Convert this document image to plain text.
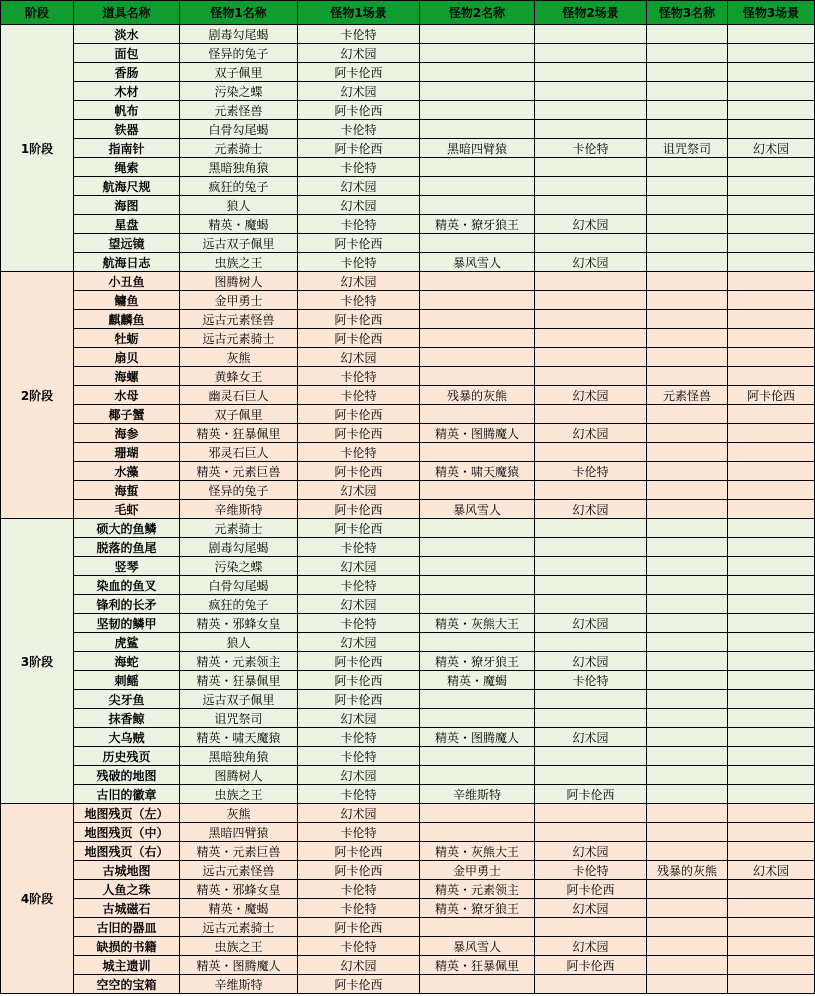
阶段	道具名称	怪物1名称	怪物1场景	怪物2名称	怪物2场景	怪物3名称	怪物3场景
1阶段	淡水	剧毒勾尾蝎	卡伦特				
	面包	怪异的兔子	幻术园				
	香肠	双子佩里	阿卡伦西				
	木材	污染之蝶	幻术园				
	帆布	元素怪兽	阿卡伦西				
	铁器	白骨勾尾蝎	卡伦特				
	指南针	元素骑士	阿卡伦西	黑暗四臂猿	卡伦特	诅咒祭司	幻术园
	绳索	黑暗独角猿	卡伦特				
	航海尺规	疯狂的兔子	幻术园				
	海图	狼人	幻术园				
	星盘	精英・魔蝎	卡伦特	精英・獠牙狼王	幻术园		
	望远镜	远古双子佩里	阿卡伦西				
	航海日志	虫族之王	卡伦特	暴风雪人	幻术园		
2阶段	小丑鱼	图腾树人	幻术园				
	鳙鱼	金甲勇士	卡伦特				
	麒麟鱼	远古元素怪兽	阿卡伦西				
	牡蛎	远古元素骑士	阿卡伦西				
	扇贝	灰熊	幻术园				
	海螺	黄蜂女王	卡伦特				
	水母	幽灵石巨人	卡伦特	残暴的灰熊	幻术园	元素怪兽	阿卡伦西
	椰子蟹	双子佩里	阿卡伦西				
	海参	精英・狂暴佩里	阿卡伦西	精英・图腾魔人	幻术园		
	珊瑚	邪灵石巨人	卡伦特				
	水藻	精英・元素巨兽	阿卡伦西	精英・啸天魔猿	卡伦特		
	海蜇	怪异的兔子	幻术园				
	毛虾	辛维斯特	阿卡伦西	暴风雪人	幻术园		
3阶段	硕大的鱼鳞	元素骑士	阿卡伦西				
	脱落的鱼尾	剧毒勾尾蝎	卡伦特				
	竖琴	污染之蝶	幻术园				
	染血的鱼叉	白骨勾尾蝎	卡伦特				
	锋利的长矛	疯狂的兔子	幻术园				
	坚韧的鳞甲	精英・邪蜂女皇	卡伦特	精英・灰熊大王	幻术园		
	虎鲨	狼人	幻术园				
	海蛇	精英・元素领主	阿卡伦西	精英・獠牙狼王	幻术园		
	刺鳐	精英・狂暴佩里	阿卡伦西	精英・魔蝎	卡伦特		
	尖牙鱼	远古双子佩里	阿卡伦西				
	抹香鲸	诅咒祭司	幻术园				
	大乌贼	精英・啸天魔猿	卡伦特	精英・图腾魔人	幻术园		
	历史残页	黑暗独角猿	卡伦特				
	残破的地图	图腾树人	幻术园				
	古旧的徽章	虫族之王	卡伦特	辛维斯特	阿卡伦西		
4阶段	地图残页（左）	灰熊	幻术园				
	地图残页（中）	黑暗四臂猿	卡伦特				
	地图残页（右）	精英・元素巨兽	阿卡伦西	精英・灰熊大王	幻术园		
	古城地图	远古元素怪兽	阿卡伦西	金甲勇士	卡伦特	残暴的灰熊	幻术园
	人鱼之珠	精英・邪蜂女皇	卡伦特	精英・元素领主	阿卡伦西		
	古城磁石	精英・魔蝎	卡伦特	精英・獠牙狼王	幻术园		
	古旧的器皿	远古元素骑士	阿卡伦西				
	缺损的书籍	虫族之王	卡伦特	暴风雪人	幻术园		
	城主遗训	精英・图腾魔人	幻术园	精英・狂暴佩里	阿卡伦西		
	空空的宝箱	辛维斯特	阿卡伦西				
